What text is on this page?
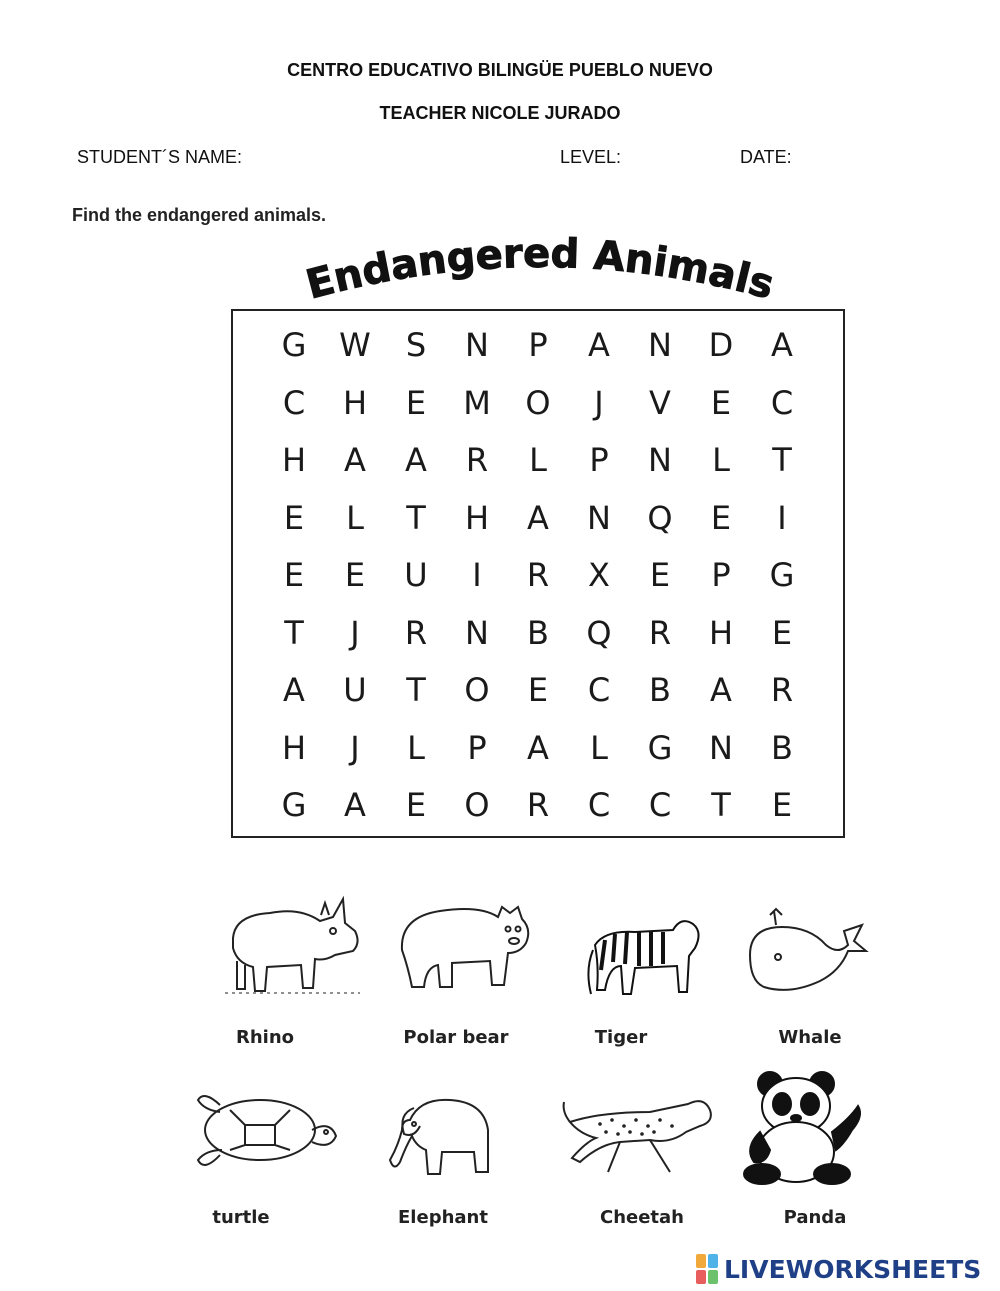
CENTRO EDUCATIVO BILINGÜE PUEBLO NUEVO
TEACHER NICOLE JURADO
STUDENT´S NAME:	LEVEL:	DATE:
Find the endangered animals.
Endangered Animals
G W	S	N	P	A N D A
C H	E	M O	J	V	E	C
H A A R	L	P	N	L	T
E	L	T	H A N Q	E	I
E	E	U	I	R X	E	P	G
T	J	R N B Q R H	E
A U	T	O	E	C B A R
H	J	L	P	A	L	G N B
G A	E	O R C C	T	E
Rhino	Polar bear	Tiger	Whale
turtle	Elephant	Cheetah	Panda
LIVEWORKSHEETS
